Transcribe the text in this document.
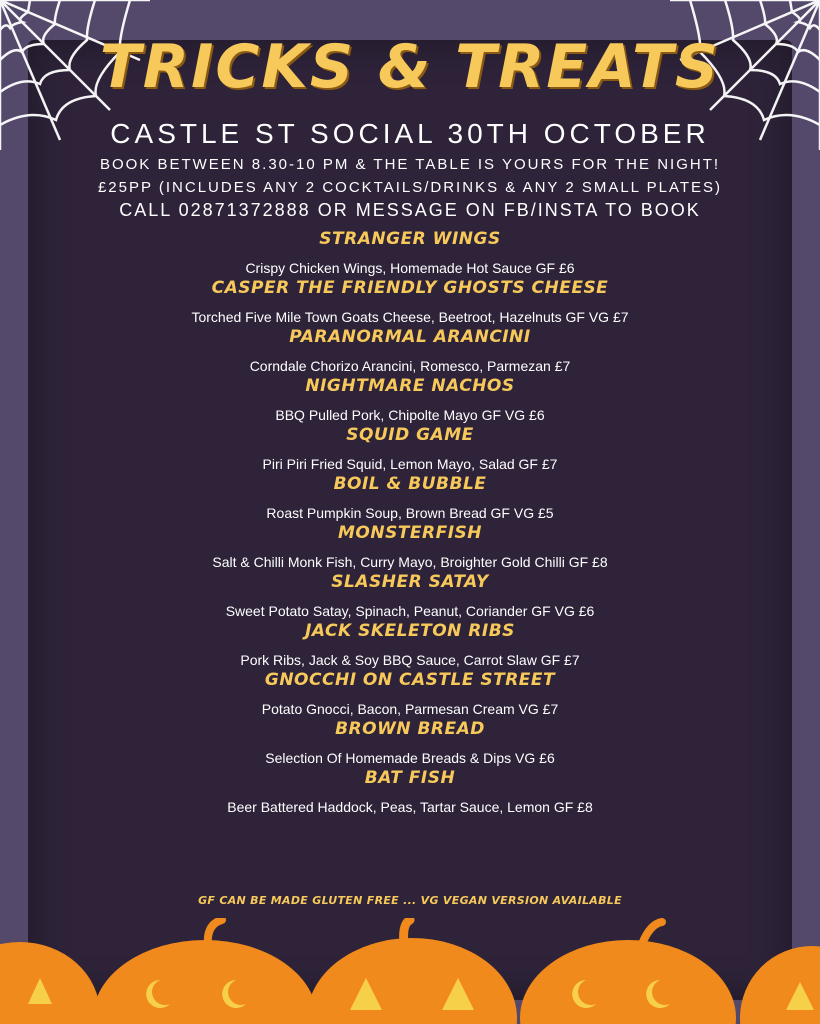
TRICKS & TREATS
CASTLE ST SOCIAL 30TH OCTOBER
BOOK BETWEEN 8.30-10 PM & THE TABLE IS YOURS FOR THE NIGHT!
£25PP (INCLUDES ANY 2 COCKTAILS/DRINKS & ANY 2 SMALL PLATES)
CALL 02871372888 OR MESSAGE ON FB/INSTA TO BOOK
STRANGER WINGS
Crispy Chicken Wings, Homemade Hot Sauce GF £6
CASPER THE FRIENDLY GHOSTS CHEESE
Torched Five Mile Town Goats Cheese, Beetroot, Hazelnuts GF VG £7
PARANORMAL ARANCINI
Corndale Chorizo Arancini, Romesco, Parmezan £7
NIGHTMARE NACHOS
BBQ Pulled Pork, Chipolte Mayo GF VG £6
SQUID GAME
Piri Piri Fried Squid, Lemon Mayo, Salad GF £7
BOIL & BUBBLE
Roast Pumpkin Soup, Brown Bread GF VG £5
MONSTERFISH
Salt & Chilli Monk Fish, Curry Mayo, Broighter Gold Chilli GF £8
SLASHER SATAY
Sweet Potato Satay, Spinach, Peanut, Coriander GF VG £6
JACK SKELETON RIBS
Pork Ribs, Jack & Soy BBQ Sauce, Carrot Slaw GF £7
GNOCCHI ON CASTLE STREET
Potato Gnocci, Bacon, Parmesan Cream VG £7
BROWN BREAD
Selection Of Homemade Breads & Dips VG £6
BAT FISH
Beer Battered Haddock, Peas, Tartar Sauce, Lemon GF £8
GF CAN BE MADE GLUTEN FREE ... VG VEGAN VERSION AVAILABLE
